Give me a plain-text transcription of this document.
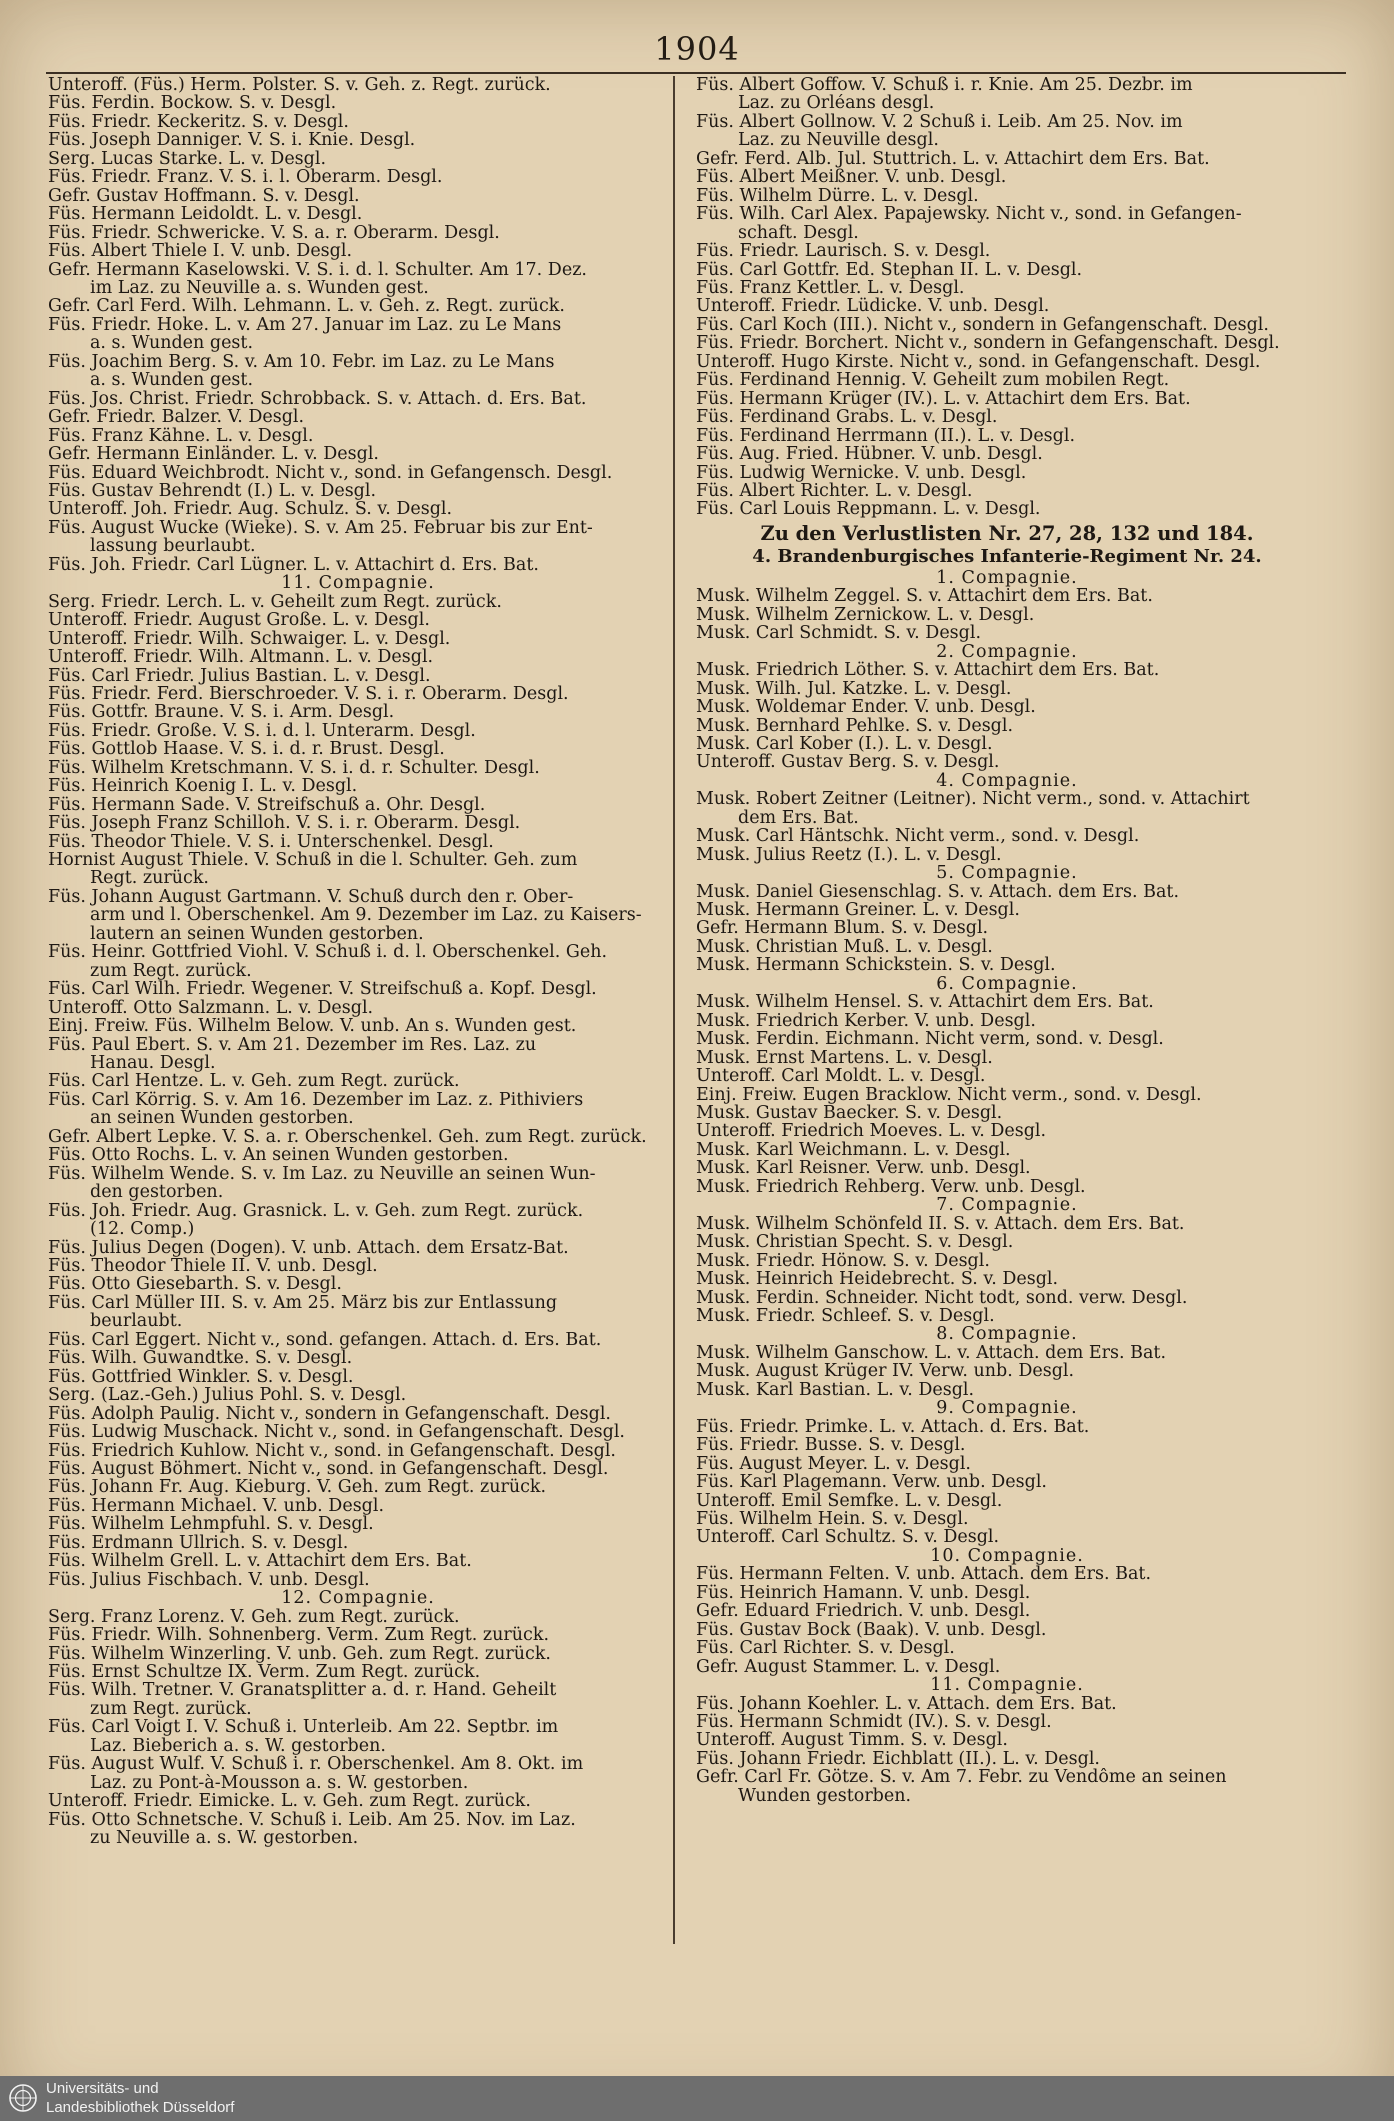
1904

Unteroff. (Füs.) Herm. Polster. S. v. Geh. z. Regt. zurück.

Füs. Ferdin. Bockow. S. v. Desgl.

Füs. Friedr. Keckeritz. S. v. Desgl.

Füs. Joseph Danniger. V. S. i. Knie. Desgl.

Serg. Lucas Starke. L. v. Desgl.

Füs. Friedr. Franz. V. S. i. l. Oberarm. Desgl.

Gefr. Gustav Hoffmann. S. v. Desgl.

Füs. Hermann Leidoldt. L. v. Desgl.

Füs. Friedr. Schwericke. V. S. a. r. Oberarm. Desgl.

Füs. Albert Thiele I. V. unb. Desgl.

Gefr. Hermann Kaselowski. V. S. i. d. l. Schulter. Am 17. Dez.

im Laz. zu Neuville a. s. Wunden gest.

Gefr. Carl Ferd. Wilh. Lehmann. L. v. Geh. z. Regt. zurück.

Füs. Friedr. Hoke. L. v. Am 27. Januar im Laz. zu Le Mans

a. s. Wunden gest.

Füs. Joachim Berg. S. v. Am 10. Febr. im Laz. zu Le Mans

a. s. Wunden gest.

Füs. Jos. Christ. Friedr. Schrobback. S. v. Attach. d. Ers. Bat.

Gefr. Friedr. Balzer. V. Desgl.

Füs. Franz Kähne. L. v. Desgl.

Gefr. Hermann Einländer. L. v. Desgl.

Füs. Eduard Weichbrodt. Nicht v., sond. in Gefangensch. Desgl.

Füs. Gustav Behrendt (I.) L. v. Desgl.

Unteroff. Joh. Friedr. Aug. Schulz. S. v. Desgl.

Füs. August Wucke (Wieke). S. v. Am 25. Februar bis zur Ent-

lassung beurlaubt.

Füs. Joh. Friedr. Carl Lügner. L. v. Attachirt d. Ers. Bat.

11. Compagnie.

Serg. Friedr. Lerch. L. v. Geheilt zum Regt. zurück.

Unteroff. Friedr. August Große. L. v. Desgl.

Unteroff. Friedr. Wilh. Schwaiger. L. v. Desgl.

Unteroff. Friedr. Wilh. Altmann. L. v. Desgl.

Füs. Carl Friedr. Julius Bastian. L. v. Desgl.

Füs. Friedr. Ferd. Bierschroeder. V. S. i. r. Oberarm. Desgl.

Füs. Gottfr. Braune. V. S. i. Arm. Desgl.

Füs. Friedr. Große. V. S. i. d. l. Unterarm. Desgl.

Füs. Gottlob Haase. V. S. i. d. r. Brust. Desgl.

Füs. Wilhelm Kretschmann. V. S. i. d. r. Schulter. Desgl.

Füs. Heinrich Koenig I. L. v. Desgl.

Füs. Hermann Sade. V. Streifschuß a. Ohr. Desgl.

Füs. Joseph Franz Schilloh. V. S. i. r. Oberarm. Desgl.

Füs. Theodor Thiele. V. S. i. Unterschenkel. Desgl.

Hornist August Thiele. V. Schuß in die l. Schulter. Geh. zum

Regt. zurück.

Füs. Johann August Gartmann. V. Schuß durch den r. Ober-

arm und l. Oberschenkel. Am 9. Dezember im Laz. zu Kaisers-

lautern an seinen Wunden gestorben.

Füs. Heinr. Gottfried Viohl. V. Schuß i. d. l. Oberschenkel. Geh.

zum Regt. zurück.

Füs. Carl Wilh. Friedr. Wegener. V. Streifschuß a. Kopf. Desgl.

Unteroff. Otto Salzmann. L. v. Desgl.

Einj. Freiw. Füs. Wilhelm Below. V. unb. An s. Wunden gest.

Füs. Paul Ebert. S. v. Am 21. Dezember im Res. Laz. zu

Hanau. Desgl.

Füs. Carl Hentze. L. v. Geh. zum Regt. zurück.

Füs. Carl Körrig. S. v. Am 16. Dezember im Laz. z. Pithiviers

an seinen Wunden gestorben.

Gefr. Albert Lepke. V. S. a. r. Oberschenkel. Geh. zum Regt. zurück.

Füs. Otto Rochs. L. v. An seinen Wunden gestorben.

Füs. Wilhelm Wende. S. v. Im Laz. zu Neuville an seinen Wun-

den gestorben.

Füs. Joh. Friedr. Aug. Grasnick. L. v. Geh. zum Regt. zurück.

(12. Comp.)

Füs. Julius Degen (Dogen). V. unb. Attach. dem Ersatz-Bat.

Füs. Theodor Thiele II. V. unb. Desgl.

Füs. Otto Giesebarth. S. v. Desgl.

Füs. Carl Müller III. S. v. Am 25. März bis zur Entlassung

beurlaubt.

Füs. Carl Eggert. Nicht v., sond. gefangen. Attach. d. Ers. Bat.

Füs. Wilh. Guwandtke. S. v. Desgl.

Füs. Gottfried Winkler. S. v. Desgl.

Serg. (Laz.-Geh.) Julius Pohl. S. v. Desgl.

Füs. Adolph Paulig. Nicht v., sondern in Gefangenschaft. Desgl.

Füs. Ludwig Muschack. Nicht v., sond. in Gefangenschaft. Desgl.

Füs. Friedrich Kuhlow. Nicht v., sond. in Gefangenschaft. Desgl.

Füs. August Böhmert. Nicht v., sond. in Gefangenschaft. Desgl.

Füs. Johann Fr. Aug. Kieburg. V. Geh. zum Regt. zurück.

Füs. Hermann Michael. V. unb. Desgl.

Füs. Wilhelm Lehmpfuhl. S. v. Desgl.

Füs. Erdmann Ullrich. S. v. Desgl.

Füs. Wilhelm Grell. L. v. Attachirt dem Ers. Bat.

Füs. Julius Fischbach. V. unb. Desgl.

12. Compagnie.

Serg. Franz Lorenz. V. Geh. zum Regt. zurück.

Füs. Friedr. Wilh. Sohnenberg. Verm. Zum Regt. zurück.

Füs. Wilhelm Winzerling. V. unb. Geh. zum Regt. zurück.

Füs. Ernst Schultze IX. Verm. Zum Regt. zurück.

Füs. Wilh. Tretner. V. Granatsplitter a. d. r. Hand. Geheilt

zum Regt. zurück.

Füs. Carl Voigt I. V. Schuß i. Unterleib. Am 22. Septbr. im

Laz. Bieberich a. s. W. gestorben.

Füs. August Wulf. V. Schuß i. r. Oberschenkel. Am 8. Okt. im

Laz. zu Pont-à-Mousson a. s. W. gestorben.

Unteroff. Friedr. Eimicke. L. v. Geh. zum Regt. zurück.

Füs. Otto Schnetsche. V. Schuß i. Leib. Am 25. Nov. im Laz.

zu Neuville a. s. W. gestorben.

Füs. Albert Goffow. V. Schuß i. r. Knie. Am 25. Dezbr. im

Laz. zu Orléans desgl.

Füs. Albert Gollnow. V. 2 Schuß i. Leib. Am 25. Nov. im

Laz. zu Neuville desgl.

Gefr. Ferd. Alb. Jul. Stuttrich. L. v. Attachirt dem Ers. Bat.

Füs. Albert Meißner. V. unb. Desgl.

Füs. Wilhelm Dürre. L. v. Desgl.

Füs. Wilh. Carl Alex. Papajewsky. Nicht v., sond. in Gefangen-

schaft. Desgl.

Füs. Friedr. Laurisch. S. v. Desgl.

Füs. Carl Gottfr. Ed. Stephan II. L. v. Desgl.

Füs. Franz Kettler. L. v. Desgl.

Unteroff. Friedr. Lüdicke. V. unb. Desgl.

Füs. Carl Koch (III.). Nicht v., sondern in Gefangenschaft. Desgl.

Füs. Friedr. Borchert. Nicht v., sondern in Gefangenschaft. Desgl.

Unteroff. Hugo Kirste. Nicht v., sond. in Gefangenschaft. Desgl.

Füs. Ferdinand Hennig. V. Geheilt zum mobilen Regt.

Füs. Hermann Krüger (IV.). L. v. Attachirt dem Ers. Bat.

Füs. Ferdinand Grabs. L. v. Desgl.

Füs. Ferdinand Herrmann (II.). L. v. Desgl.

Füs. Aug. Fried. Hübner. V. unb. Desgl.

Füs. Ludwig Wernicke. V. unb. Desgl.

Füs. Albert Richter. L. v. Desgl.

Füs. Carl Louis Reppmann. L. v. Desgl.

Zu den Verlustlisten Nr. 27, 28, 132 und 184.

4. Brandenburgisches Infanterie-Regiment Nr. 24.

1. Compagnie.

Musk. Wilhelm Zeggel. S. v. Attachirt dem Ers. Bat.

Musk. Wilhelm Zernickow. L. v. Desgl.

Musk. Carl Schmidt. S. v. Desgl.

2. Compagnie.

Musk. Friedrich Löther. S. v. Attachirt dem Ers. Bat.

Musk. Wilh. Jul. Katzke. L. v. Desgl.

Musk. Woldemar Ender. V. unb. Desgl.

Musk. Bernhard Pehlke. S. v. Desgl.

Musk. Carl Kober (I.). L. v. Desgl.

Unteroff. Gustav Berg. S. v. Desgl.

4. Compagnie.

Musk. Robert Zeitner (Leitner). Nicht verm., sond. v. Attachirt

dem Ers. Bat.

Musk. Carl Häntschk. Nicht verm., sond. v. Desgl.

Musk. Julius Reetz (I.). L. v. Desgl.

5. Compagnie.

Musk. Daniel Giesenschlag. S. v. Attach. dem Ers. Bat.

Musk. Hermann Greiner. L. v. Desgl.

Gefr. Hermann Blum. S. v. Desgl.

Musk. Christian Muß. L. v. Desgl.

Musk. Hermann Schickstein. S. v. Desgl.

6. Compagnie.

Musk. Wilhelm Hensel. S. v. Attachirt dem Ers. Bat.

Musk. Friedrich Kerber. V. unb. Desgl.

Musk. Ferdin. Eichmann. Nicht verm, sond. v. Desgl.

Musk. Ernst Martens. L. v. Desgl.

Unteroff. Carl Moldt. L. v. Desgl.

Einj. Freiw. Eugen Bracklow. Nicht verm., sond. v. Desgl.

Musk. Gustav Baecker. S. v. Desgl.

Unteroff. Friedrich Moeves. L. v. Desgl.

Musk. Karl Weichmann. L. v. Desgl.

Musk. Karl Reisner. Verw. unb. Desgl.

Musk. Friedrich Rehberg. Verw. unb. Desgl.

7. Compagnie.

Musk. Wilhelm Schönfeld II. S. v. Attach. dem Ers. Bat.

Musk. Christian Specht. S. v. Desgl.

Musk. Friedr. Hönow. S. v. Desgl.

Musk. Heinrich Heidebrecht. S. v. Desgl.

Musk. Ferdin. Schneider. Nicht todt, sond. verw. Desgl.

Musk. Friedr. Schleef. S. v. Desgl.

8. Compagnie.

Musk. Wilhelm Ganschow. L. v. Attach. dem Ers. Bat.

Musk. August Krüger IV. Verw. unb. Desgl.

Musk. Karl Bastian. L. v. Desgl.

9. Compagnie.

Füs. Friedr. Primke. L. v. Attach. d. Ers. Bat.

Füs. Friedr. Busse. S. v. Desgl.

Füs. August Meyer. L. v. Desgl.

Füs. Karl Plagemann. Verw. unb. Desgl.

Unteroff. Emil Semfke. L. v. Desgl.

Füs. Wilhelm Hein. S. v. Desgl.

Unteroff. Carl Schultz. S. v. Desgl.

10. Compagnie.

Füs. Hermann Felten. V. unb. Attach. dem Ers. Bat.

Füs. Heinrich Hamann. V. unb. Desgl.

Gefr. Eduard Friedrich. V. unb. Desgl.

Füs. Gustav Bock (Baak). V. unb. Desgl.

Füs. Carl Richter. S. v. Desgl.

Gefr. August Stammer. L. v. Desgl.

11. Compagnie.

Füs. Johann Koehler. L. v. Attach. dem Ers. Bat.

Füs. Hermann Schmidt (IV.). S. v. Desgl.

Unteroff. August Timm. S. v. Desgl.

Füs. Johann Friedr. Eichblatt (II.). L. v. Desgl.

Gefr. Carl Fr. Götze. S. v. Am 7. Febr. zu Vendôme an seinen

Wunden gestorben.

Universitäts- und
Landesbibliothek Düsseldorf
